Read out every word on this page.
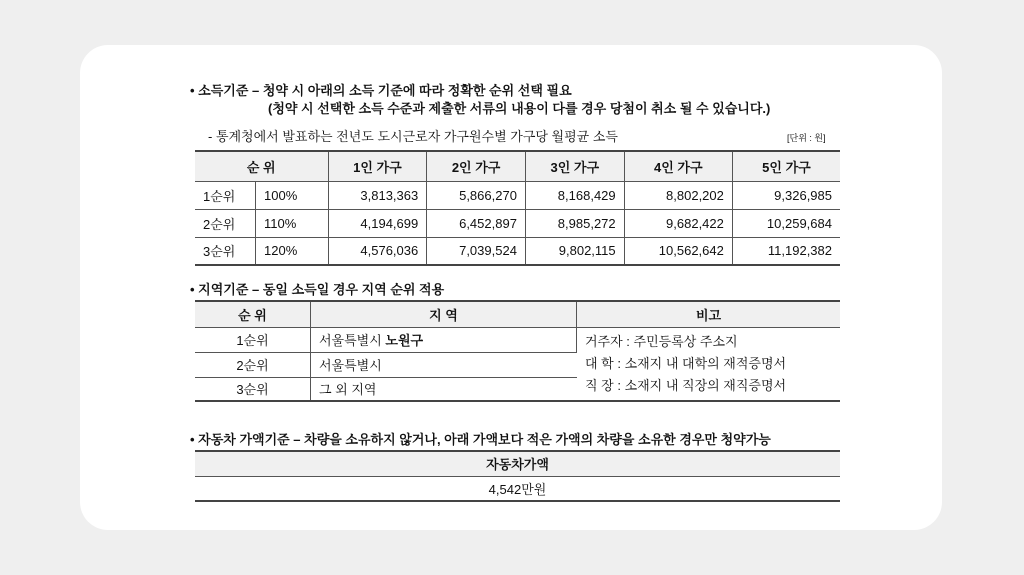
• 소득기준 – 청약 시 아래의 소득 기준에 따라 정확한 순위 선택 필요
(청약 시 선택한 소득 수준과 제출한 서류의 내용이 다를 경우 당첨이 취소 될 수 있습니다.)
- 통계청에서 발표하는 전년도 도시근로자 가구원수별 가구당 월평균 소득	[단위 : 원]
순 위		1인 가구	2인 가구	3인 가구	4인 가구	5인 가구
1순위	100%	3,813,363	5,866,270	8,168,429	8,802,202	9,326,985
2순위	110%	4,194,699	6,452,897	8,985,272	9,682,422	10,259,684
3순위	120%	4,576,036	7,039,524	9,802,115	10,562,642	11,192,382
• 지역기준 – 동일 소득일 경우 지역 순위 적용
순 위	지 역	비고
1순위	서울특별시 노원구	거주자 : 주민등록상 주소지
대 학 : 소재지 내 대학의 재적증명서
직 장 : 소재지 내 직장의 재직증명서

2순위	서울특별시	
3순위	그 외 지역	
• 자동차 가액기준 – 차량을 소유하지 않거나, 아래 가액보다 적은 가액의 차량을 소유한 경우만 청약가능
자동차가액
4,542만원
